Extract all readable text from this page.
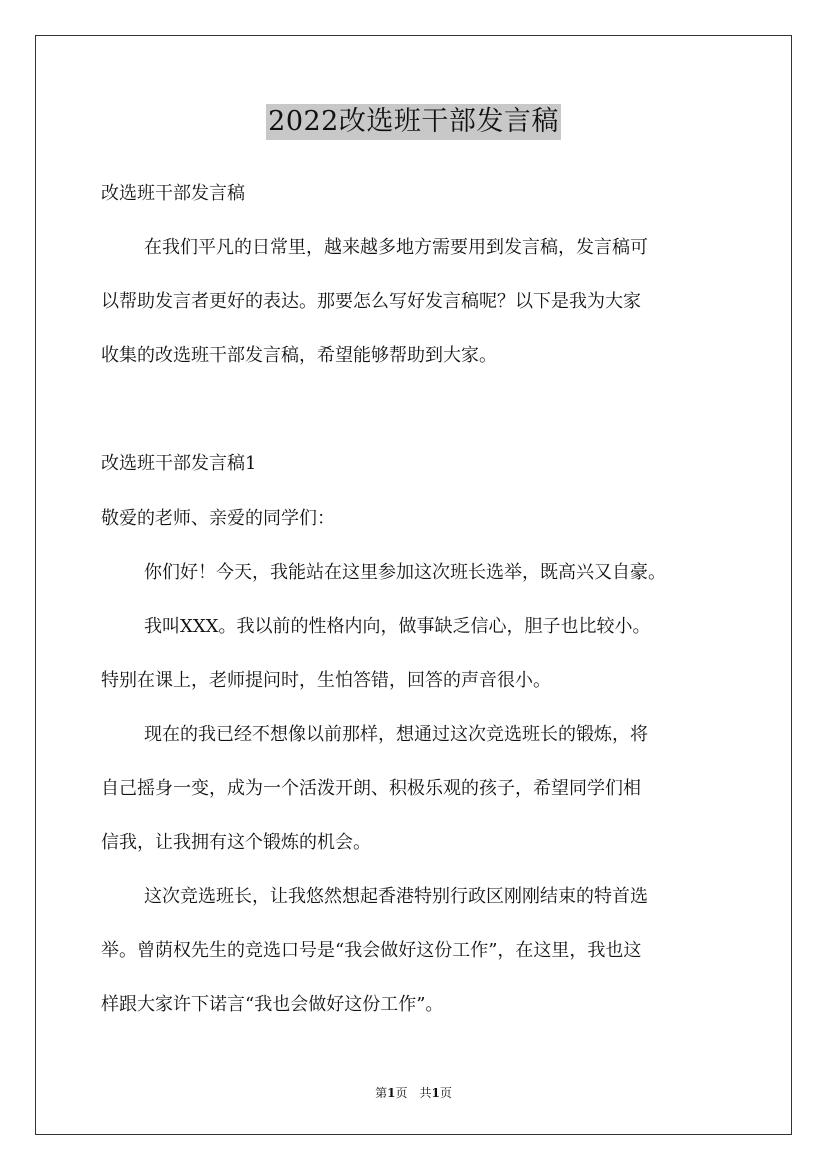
2022改选班干部发言稿
改选班干部发言稿
在我们平凡的日常里，越来越多地方需要用到发言稿，发言稿可
以帮助发言者更好的表达。那要怎么写好发言稿呢？以下是我为大家
收集的改选班干部发言稿，希望能够帮助到大家。
改选班干部发言稿1
敬爱的老师、亲爱的同学们：
你们好！今天，我能站在这里参加这次班长选举，既高兴又自豪。
我叫XXX。我以前的性格内向，做事缺乏信心，胆子也比较小。
特别在课上，老师提问时，生怕答错，回答的声音很小。
现在的我已经不想像以前那样，想通过这次竞选班长的锻炼，将
自己摇身一变，成为一个活泼开朗、积极乐观的孩子，希望同学们相
信我，让我拥有这个锻炼的机会。
这次竞选班长，让我悠然想起香港特别行政区刚刚结束的特首选
举。曾荫权先生的竞选口号是“我会做好这份工作”，在这里，我也这
样跟大家许下诺言“我也会做好这份工作”。
第1页　共1页
